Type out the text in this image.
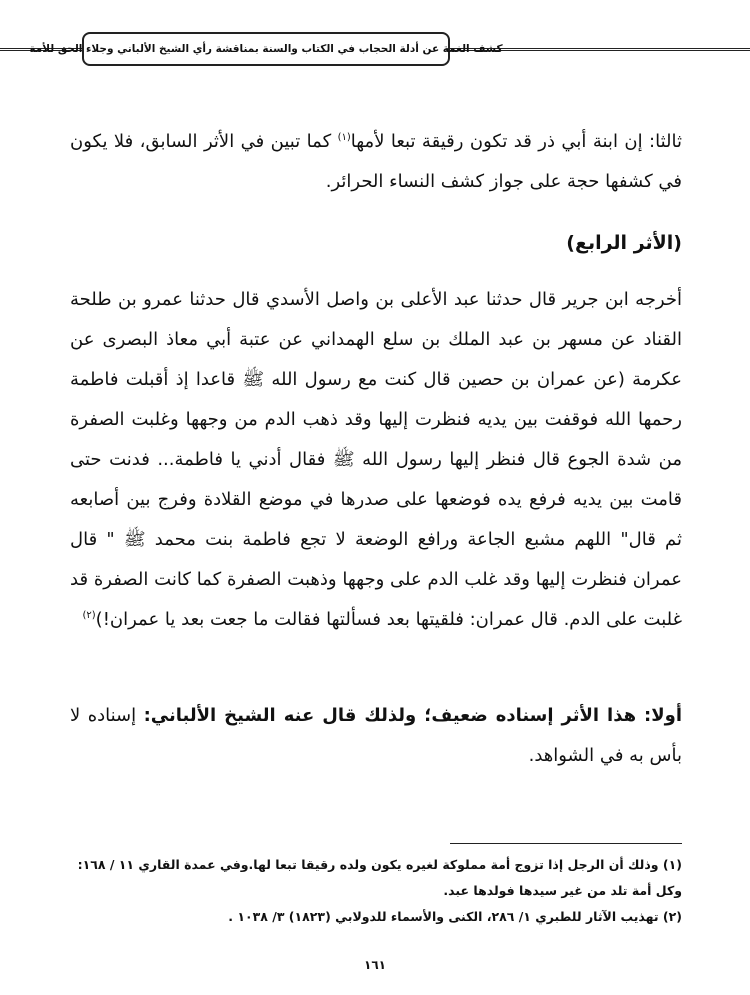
كشف الغمة عن أدلة الحجاب في الكتاب والسنة بمناقشة رأي الشيخ الألباني وجلاء الحق للأمة
ثالثا: إن ابنة أبي ذر قد تكون رقيقة تبعا لأمها$^{(١)}$ كما تبين في الأثر السابق، فلا يكون في كشفها حجة على جواز كشف النساء الحرائر.
(الأثر الرابع)
أخرجه ابن جرير قال حدثنا عبد الأعلى بن واصل الأسدي قال حدثنا عمرو بن طلحة القناد عن مسهر بن عبد الملك بن سلع الهمداني عن عتبة أبي معاذ البصرى عن عكرمة (عن عمران بن حصين قال كنت مع رسول الله ﷺ قاعدا إذ أقبلت فاطمة رحمها الله فوقفت بين يديه فنظرت إليها وقد ذهب الدم من وجهها وغلبت الصفرة من شدة الجوع قال فنظر إليها رسول الله ﷺ فقال أدني يا فاطمة... فدنت حتى قامت بين يديه فرفع يده فوضعها على صدرها في موضع القلادة وفرج بين أصابعه ثم قال" اللهم مشبع الجاعة ورافع الوضعة لا تجع فاطمة بنت محمد ﷺ " قال عمران فنظرت إليها وقد غلب الدم على وجهها وذهبت الصفرة كما كانت الصفرة قد غلبت على الدم. قال عمران: فلقيتها بعد فسألتها فقالت ما جعت بعد يا عمران!)$^{(٢)}$
أولا: هذا الأثر إسناده ضعيف؛ ولذلك قال عنه الشيخ الألباني: إسناده لا بأس به في الشواهد.

(١) وذلك أن الرجل إذا تزوج أمة مملوكة لغيره يكون ولده رقيقا تبعا لها.وفي عمدة القاري ١١ / ١٦٨: وكل أمة تلد من غير سيدها فولدها عبد.

(٢) تهذيب الآثار للطبري ١/ ٢٨٦، الكنى والأسماء للدولابي (١٨٢٣) ٣/ ١٠٣٨ .

١٦١
